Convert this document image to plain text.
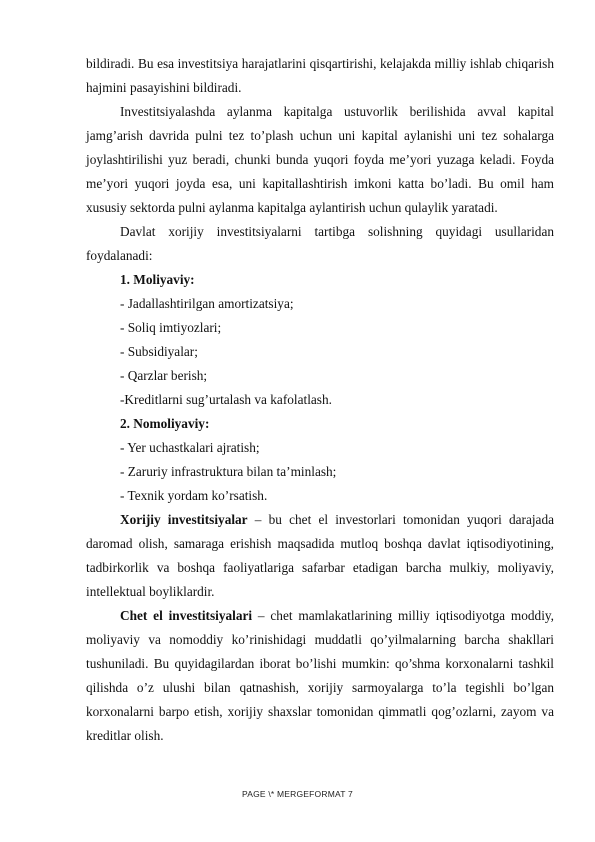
bildiradi. Bu esa investitsiya harajatlarini qisqartirishi, kelajakda milliy ishlab chiqarish hajmini pasayishini bildiradi.

Investitsiyalashda aylanma kapitalga ustuvorlik berilishida avval kapital jamg’arish davrida pulni tez to’plash uchun uni kapital aylanishi uni tez sohalarga joylashtirilishi yuz beradi, chunki bunda yuqori foyda me’yori yuzaga keladi. Foyda me’yori yuqori joyda esa, uni kapitallashtirish imkoni katta bo’ladi. Bu omil ham xususiy sektorda pulni aylanma kapitalga aylantirish uchun qulaylik yaratadi.

Davlat xorijiy investitsiyalarni tartibga solishning quyidagi usullaridan foydalanadi:

1. Moliyaviy:

- Jadallashtirilgan amortizatsiya;

- Soliq imtiyozlari;

- Subsidiyalar;

- Qarzlar berish;

-Kreditlarni sug’urtalash va kafolatlash.

2. Nomoliyaviy:

- Yer uchastkalari ajratish;

- Zaruriy infrastruktura bilan ta’minlash;

- Texnik yordam ko’rsatish.

Xorijiy investitsiyalar – bu chet el investorlari tomonidan yuqori darajada daromad olish, samaraga erishish maqsadida mutloq boshqa davlat iqtisodiyotining, tadbirkorlik va boshqa faoliyatlariga safarbar etadigan barcha mulkiy, moliyaviy, intellektual boyliklardir.

Chet el investitsiyalari – chet mamlakatlarining milliy iqtisodiyotga moddiy, moliyaviy va nomoddiy ko’rinishidagi muddatli qo’yilmalarning barcha shakllari tushuniladi. Bu quyidagilardan iborat bo’lishi mumkin: qo’shma korxonalarni tashkil qilishda o’z ulushi bilan qatnashish, xorijiy sarmoyalarga to’la tegishli bo’lgan korxonalarni barpo etish, xorijiy shaxslar tomonidan qimmatli qog’ozlarni, zayom va kreditlar olish.

PAGE \* MERGEFORMAT 7
